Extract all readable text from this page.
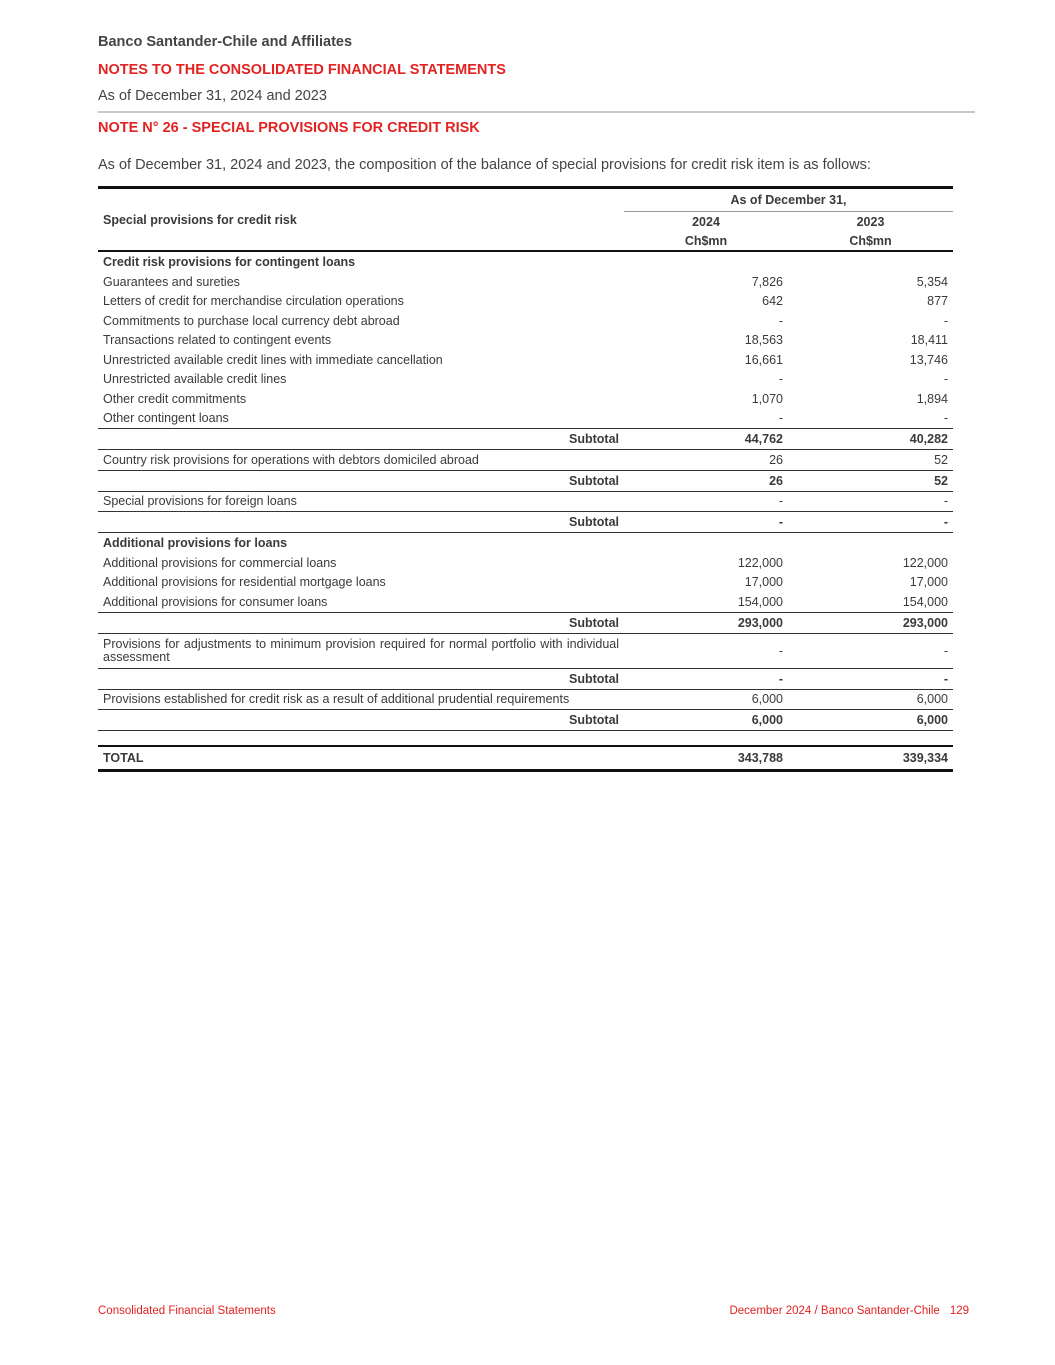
Banco Santander-Chile and Affiliates
NOTES TO THE CONSOLIDATED FINANCIAL STATEMENTS
As of December 31, 2024 and 2023
NOTE N° 26 - SPECIAL PROVISIONS FOR CREDIT RISK
As of December 31, 2024 and 2023, the composition of the balance of special provisions for credit risk item is as follows:
Special provisions for credit risk	As of December 31,	
	2024	2023
	Ch$mn	Ch$mn
Credit risk provisions for contingent loans		
Guarantees and sureties	7,826	5,354
Letters of credit for merchandise circulation operations	642	877
Commitments to purchase local currency debt abroad	-	-
Transactions related to contingent events	18,563	18,411
Unrestricted available credit lines with immediate cancellation	16,661	13,746
Unrestricted available credit lines	-	-
Other credit commitments	1,070	1,894
Other contingent loans	-	-
Subtotal	44,762	40,282
Country risk provisions for operations with debtors domiciled abroad	26	52
Subtotal	26	52
Special provisions for foreign loans	-	-
Subtotal	-	-
Additional provisions for loans		
Additional provisions for commercial loans	122,000	122,000
Additional provisions for residential mortgage loans	17,000	17,000
Additional provisions for consumer loans	154,000	154,000
Subtotal	293,000	293,000
Provisions for adjustments to minimum provision required for normal portfolio with individual assessment	-	-
Subtotal	-	-
Provisions established for credit risk as a result of additional prudential requirements	6,000	6,000
Subtotal	6,000	6,000

TOTAL	343,788	339,334
Consolidated Financial Statements	December 2024 / Banco Santander-Chile 129
